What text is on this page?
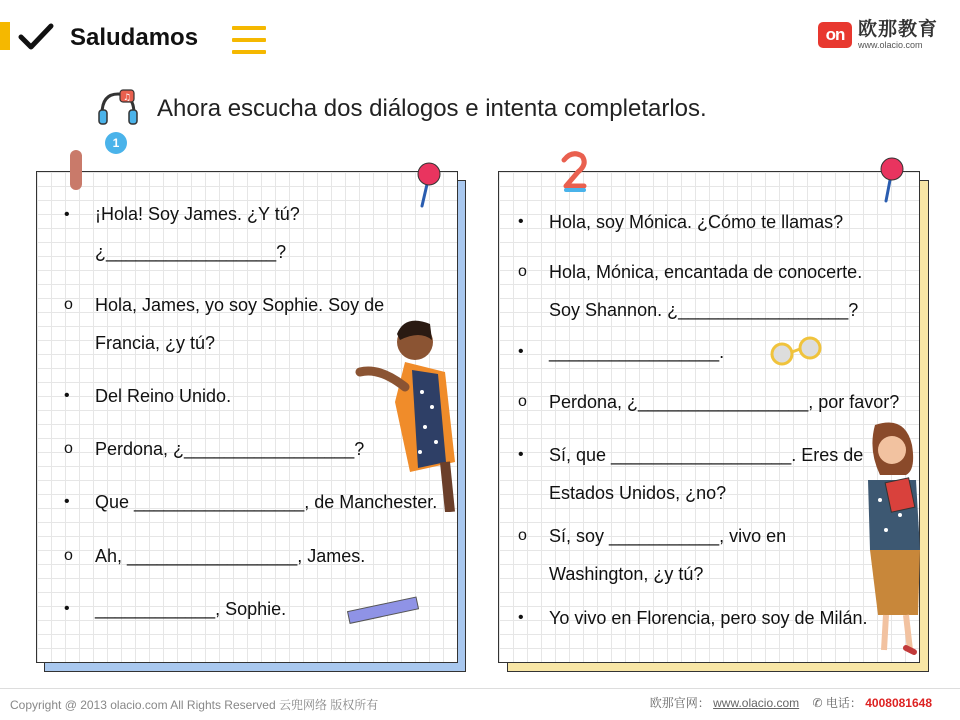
Saludamos	on 欧那教育
www.olacio.com
♫
1
Ahora escucha dos diálogos e intenta completarlos.
• ¡Hola! Soy James. ¿Y tú?
¿_________________?
o Hola, James, yo soy Sophie. Soy de
Francia, ¿y tú?
• Del Reino Unido.
o Perdona, ¿_________________?
• Que _________________, de Manchester.
o Ah, _________________, James.
• ____________, Sophie.
• Hola, soy Mónica. ¿Cómo te llamas?
o Hola, Mónica, encantada de conocerte.
Soy Shannon. ¿_________________?
• _________________.
o Perdona, ¿_________________, por favor?
• Sí, que __________________. Eres de
Estados Unidos, ¿no?
o Sí, soy ___________, vivo en
Washington, ¿y tú?
• Yo vivo en Florencia, pero soy de Milán.
Copyright @ 2013 olacio.com All Rights Reserved 云兜网络 版权所有	欧那官网： www.olacio.com ✆ 电话： 4008081648
